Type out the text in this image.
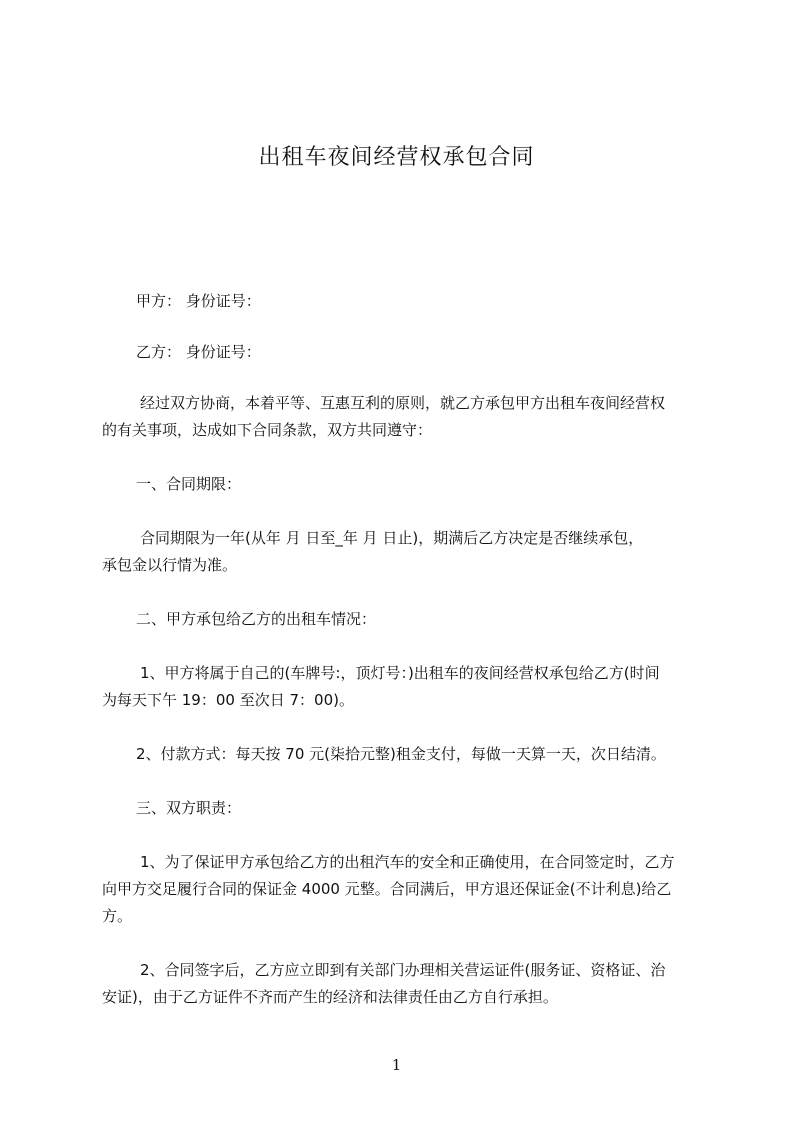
出租车夜间经营权承包合同

甲方： 身份证号：

乙方： 身份证号：

经过双方协商，本着平等、互惠互利的原则，就乙方承包甲方出租车夜间经营权

的有关事项，达成如下合同条款，双方共同遵守：

一、合同期限：

合同期限为一年(从年 月 日至_年 月 日止)，期满后乙方决定是否继续承包，

承包金以行情为准。

二、甲方承包给乙方的出租车情况：

1、甲方将属于自己的(车牌号:，顶灯号：)出租车的夜间经营权承包给乙方(时间

为每天下午 19：00 至次日 7：00)。

2、付款方式：每天按 70 元(柒拾元整)租金支付，每做一天算一天，次日结清。

三、双方职责：

1、为了保证甲方承包给乙方的出租汽车的安全和正确使用，在合同签定时，乙方

向甲方交足履行合同的保证金 4000 元整。合同满后，甲方退还保证金(不计利息)给乙

方。

2、合同签字后，乙方应立即到有关部门办理相关营运证件(服务证、资格证、治

安证)，由于乙方证件不齐而产生的经济和法律责任由乙方自行承担。

1
